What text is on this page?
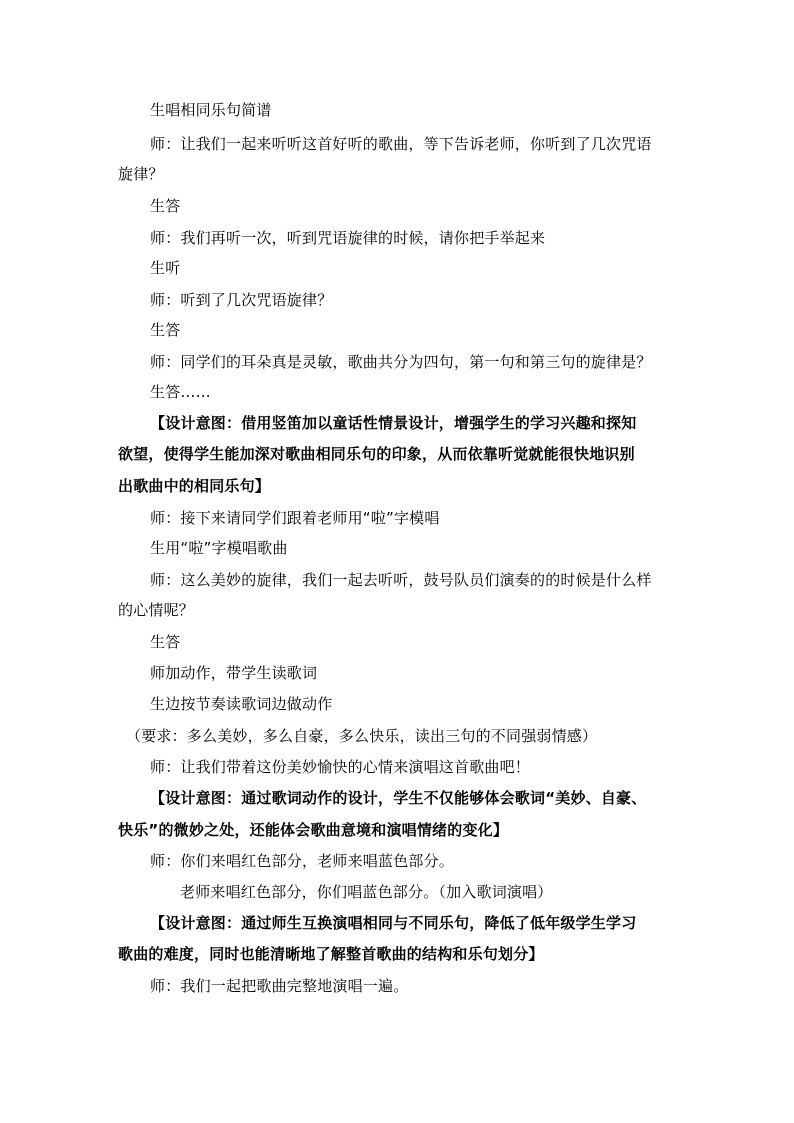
生唱相同乐句简谱
师：让我们一起来听听这首好听的歌曲，等下告诉老师，你听到了几次咒语
旋律？
生答
师：我们再听一次，听到咒语旋律的时候，请你把手举起来
生听
师：听到了几次咒语旋律？
生答
师：同学们的耳朵真是灵敏，歌曲共分为四句，第一句和第三句的旋律是？
生答……
【设计意图：借用竖笛加以童话性情景设计，增强学生的学习兴趣和探知
欲望，使得学生能加深对歌曲相同乐句的印象，从而依靠听觉就能很快地识别
出歌曲中的相同乐句】
师：接下来请同学们跟着老师用“啦”字模唱
生用“啦”字模唱歌曲
师：这么美妙的旋律，我们一起去听听，鼓号队员们演奏的的时候是什么样
的心情呢？
生答
师加动作，带学生读歌词
生边按节奏读歌词边做动作
（要求：多么美妙，多么自豪，多么快乐，读出三句的不同强弱情感）
师：让我们带着这份美妙愉快的心情来演唱这首歌曲吧！
【设计意图：通过歌词动作的设计，学生不仅能够体会歌词“美妙、自豪、
快乐”的微妙之处，还能体会歌曲意境和演唱情绪的变化】
师：你们来唱红色部分，老师来唱蓝色部分。
老师来唱红色部分，你们唱蓝色部分。（加入歌词演唱）
【设计意图：通过师生互换演唱相同与不同乐句，降低了低年级学生学习
歌曲的难度，同时也能清晰地了解整首歌曲的结构和乐句划分】
师：我们一起把歌曲完整地演唱一遍。
